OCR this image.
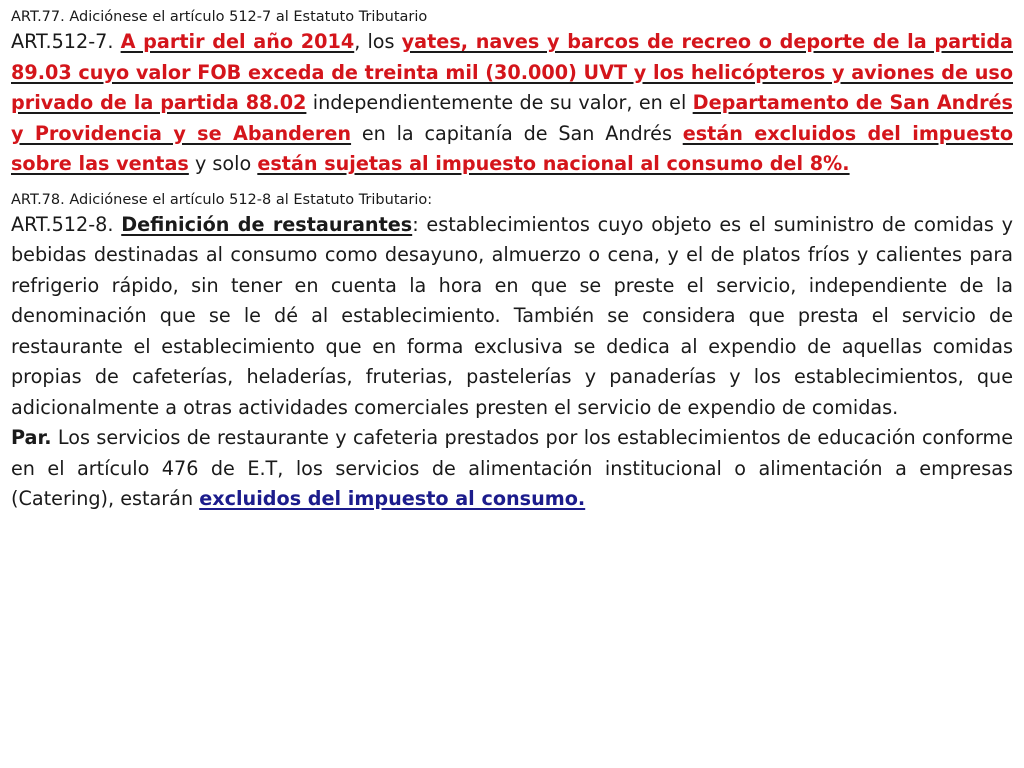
ART.77. Adiciónese el artículo 512-7 al Estatuto Tributario

ART.512-7. A partir del año 2014, los yates, naves y barcos de recreo o deporte de la partida 89.03 cuyo valor FOB exceda de treinta mil (30.000) UVT y los helicópteros y aviones de uso privado de la partida 88.02 independientemente de su valor, en el Departamento de San Andrés y Providencia y se Abanderen en la capitanía de San Andrés están excluidos del impuesto sobre las ventas y solo están sujetas al impuesto nacional al consumo del 8%.

ART.78. Adiciónese el artículo 512-8 al Estatuto Tributario:

ART.512-8. Definición de restaurantes: establecimientos cuyo objeto es el suministro de comidas y bebidas destinadas al consumo como desayuno, almuerzo o cena, y el de platos fríos y calientes para refrigerio rápido, sin tener en cuenta la hora en que se preste el servicio, independiente de la denominación que se le dé al establecimiento. También se considera que presta el servicio de restaurante el establecimiento que en forma exclusiva se dedica al expendio de aquellas comidas propias de cafeterías, heladerías, fruterias, pastelerías y panaderías y los establecimientos, que adicionalmente a otras actividades comerciales presten el servicio de expendio de comidas.

Par. Los servicios de restaurante y cafeteria prestados por los establecimientos de educación conforme en el artículo 476 de E.T, los servicios de alimentación institucional o alimentación a empresas (Catering), estarán excluidos del impuesto al consumo.
